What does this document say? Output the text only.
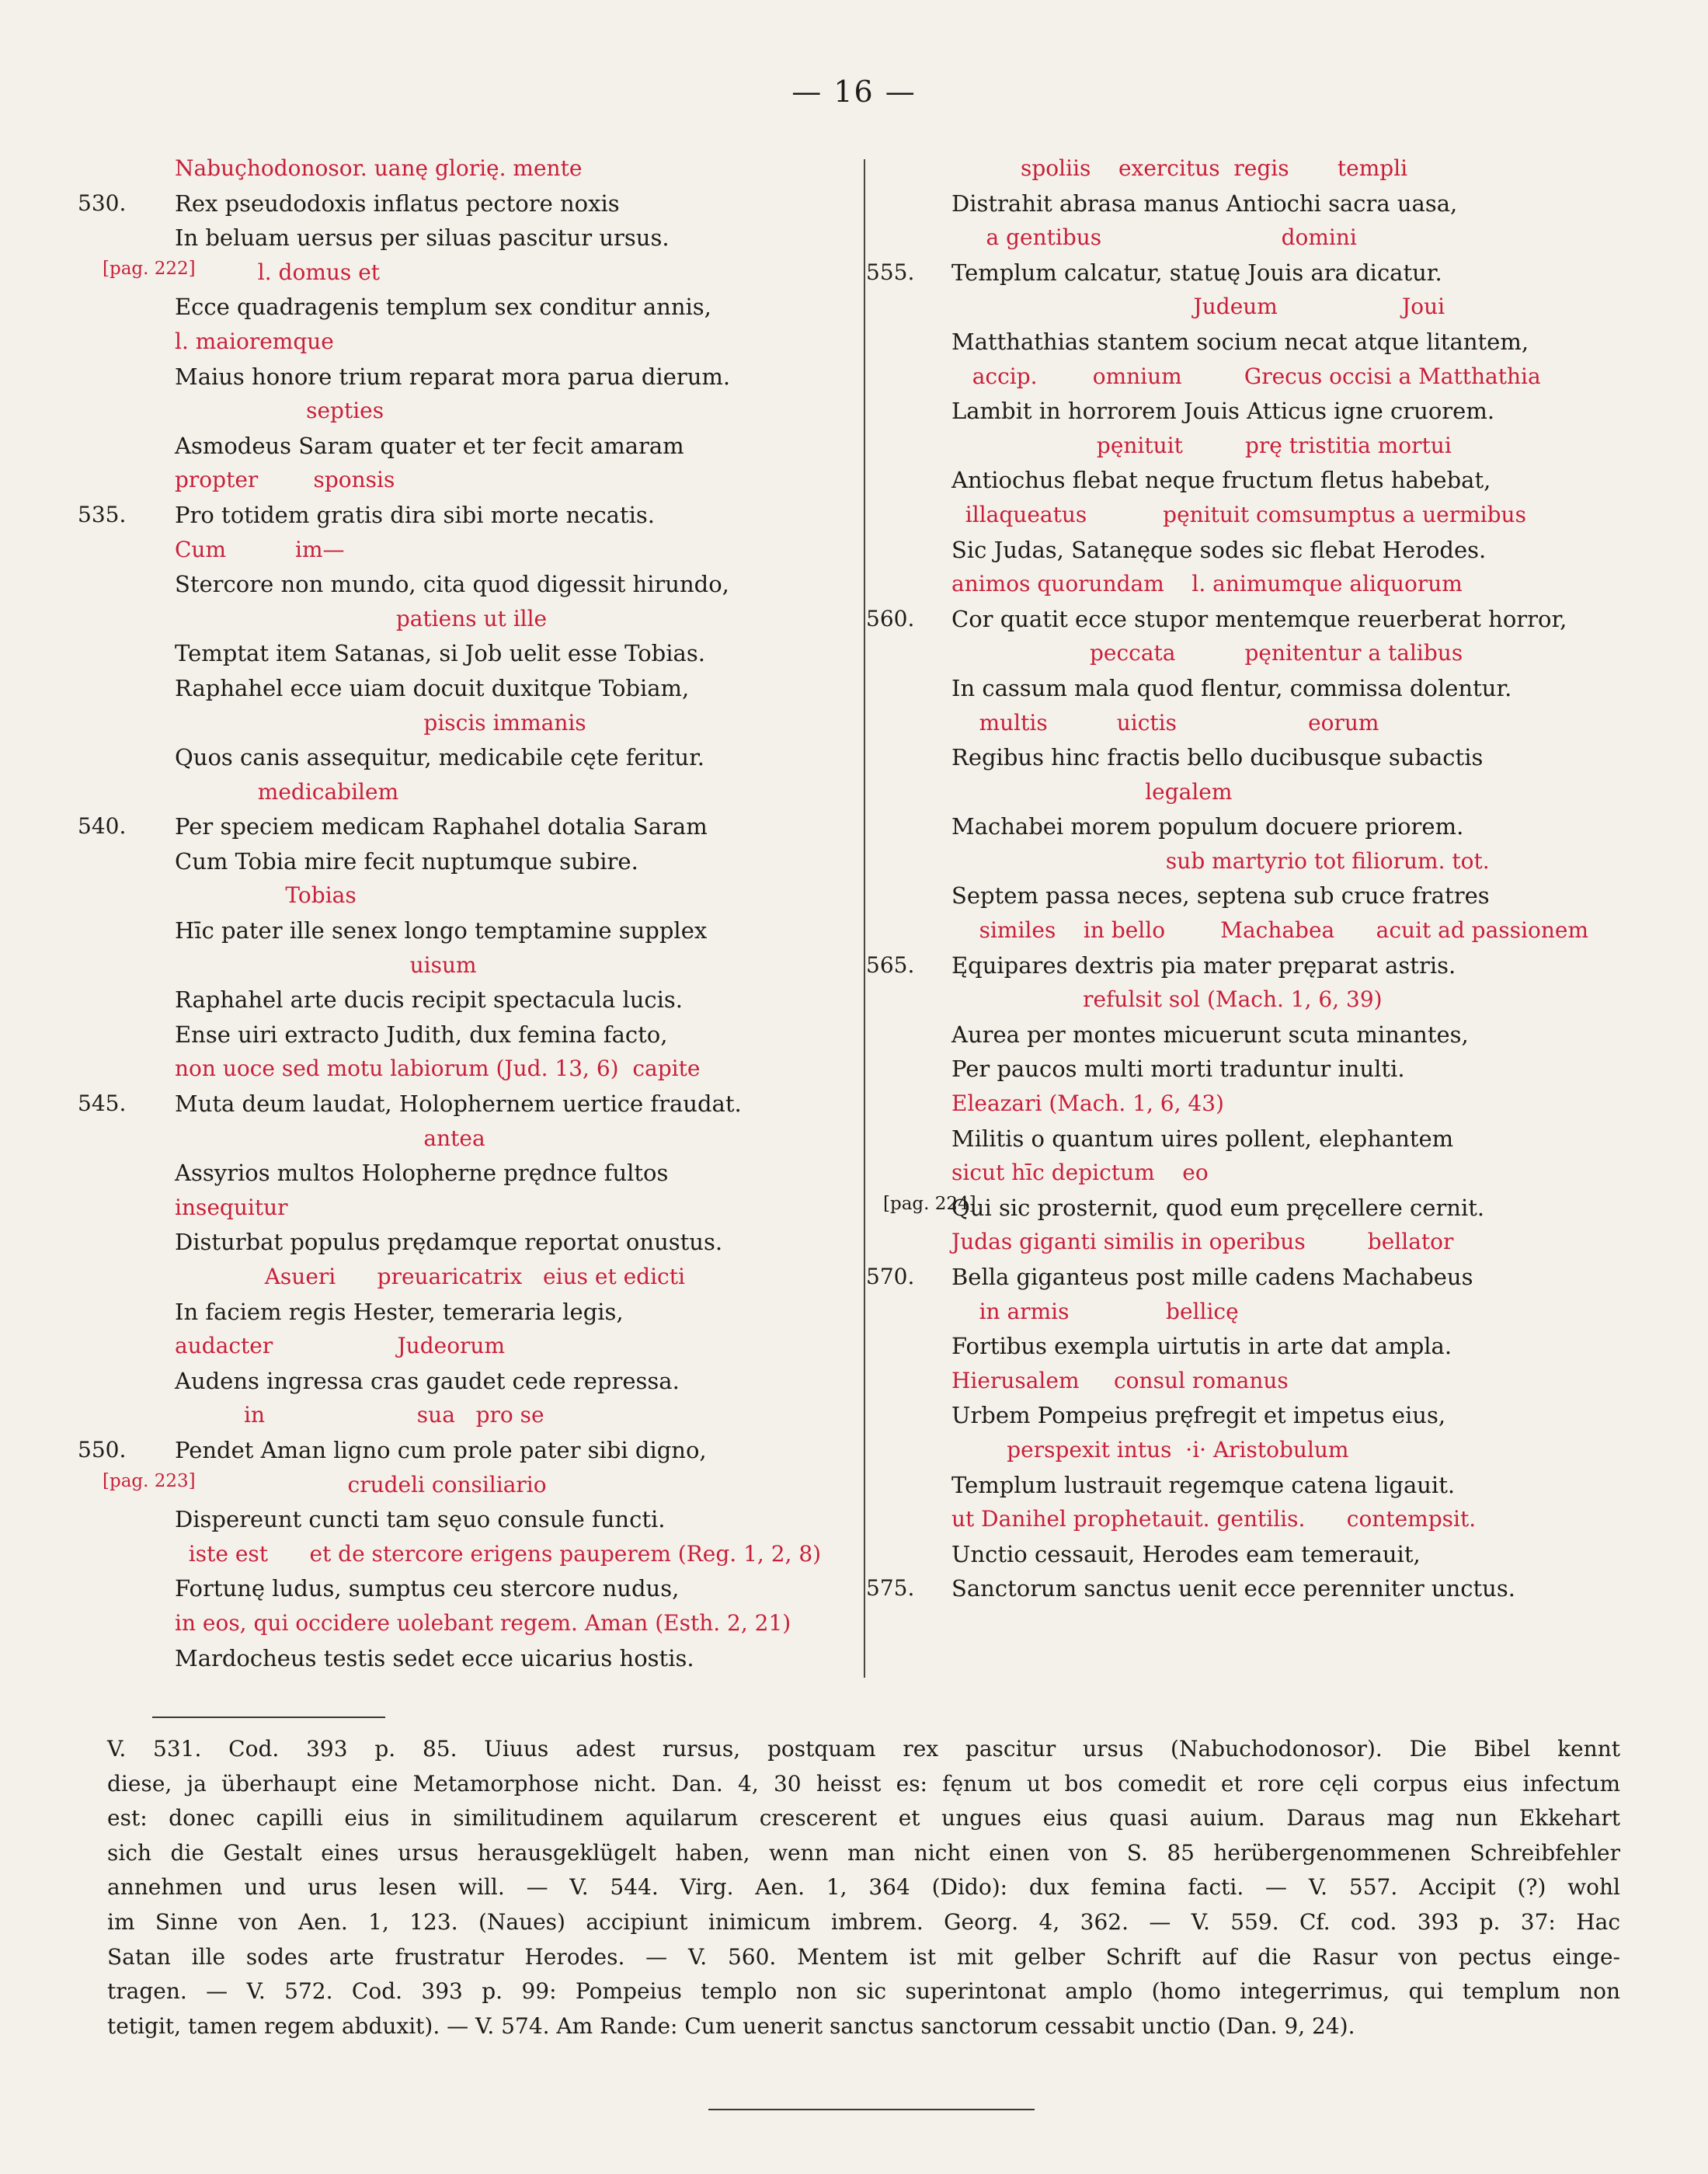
— 16 —
Nabuçhodonosor. uanę glorię. mente
530. Rex pseudodoxis inflatus pectore noxis
In beluam uersus per siluas pascitur ursus.
[pag. 222]
l. domus et
Ecce quadragenis templum sex conditur annis,
l. maioremque
Maius honore trium reparat mora parua dierum.
septies
Asmodeus Saram quater et ter fecit amaram
propter        sponsis
535. Pro totidem gratis dira sibi morte necatis.
Cum          im—
Stercore non mundo, cita quod digessit hirundo,
patiens ut ille
Temptat item Satanas, si Job uelit esse Tobias.
Raphahel ecce uiam docuit duxitque Tobiam,
piscis immanis
Quos canis assequitur, medicabile cęte feritur.
medicabilem
540. Per speciem medicam Raphahel dotalia Saram
Cum Tobia mire fecit nuptumque subire.
Tobias
Hīc pater ille senex longo temptamine supplex
uisum
Raphahel arte ducis recipit spectacula lucis.
Ense uiri extracto Judith, dux femina facto,
non uoce sed motu labiorum (Jud. 13, 6)  capite
545. Muta deum laudat, Holophernem uertice fraudat.
antea
Assyrios multos Holopherne prędnce fultos
insequitur
Disturbat populus prędamque reportat onustus.
Asueri      preuaricatrix   eius et edicti
In faciem regis Hester, temeraria legis,
audacter                  Judeorum
Audens ingressa cras gaudet cede repressa.
in                      sua   pro se
550. Pendet Aman ligno cum prole pater sibi digno,
[pag. 223]
crudeli consiliario
Dispereunt cuncti tam sęuo consule functi.
iste est      et de stercore erigens pauperem (Reg. 1, 2, 8)
Fortunę ludus, sumptus ceu stercore nudus,
in eos, qui occidere uolebant regem. Aman (Esth. 2, 21)
Mardocheus testis sedet ecce uicarius hostis.
spoliis    exercitus  regis       templi
Distrahit abrasa manus Antiochi sacra uasa,
a gentibus                          domini
555. Templum calcatur, statuę Jouis ara dicatur.
Judeum                  Joui
Matthathias stantem socium necat atque litantem,
accip.        omnium         Grecus occisi a Matthathia
Lambit in horrorem Jouis Atticus igne cruorem.
pęnituit         prę tristitia mortui
Antiochus flebat neque fructum fletus habebat,
illaqueatus           pęnituit comsumptus a uermibus
Sic Judas, Satanęque sodes sic flebat Herodes.
animos quorundam    l. animumque aliquorum
560. Cor quatit ecce stupor mentemque reuerberat horror,
peccata          pęnitentur a talibus
In cassum mala quod flentur, commissa dolentur.
multis          uictis                   eorum
Regibus hinc fractis bello ducibusque subactis
legalem
Machabei morem populum docuere priorem.
sub martyrio tot filiorum. tot.
Septem passa neces, septena sub cruce fratres
similes    in bello        Machabea      acuit ad passionem
565. Ęquipares dextris pia mater pręparat astris.
refulsit sol (Mach. 1, 6, 39)
Aurea per montes micuerunt scuta minantes,
Per paucos multi morti traduntur inulti.
Eleazari (Mach. 1, 6, 43)
Militis o quantum uires pollent, elephantem
sicut hīc depictum    eo
[pag. 224]
Qui sic prosternit, quod eum pręcellere cernit.
Judas giganti similis in operibus         bellator
570. Bella giganteus post mille cadens Machabeus
in armis              bellicę
Fortibus exempla uirtutis in arte dat ampla.
Hierusalem     consul romanus
Urbem Pompeius pręfregit et impetus eius,
perspexit intus  ·i· Aristobulum
Templum lustrauit regemque catena ligauit.
ut Danihel prophetauit. gentilis.      contempsit.
Unctio cessauit, Herodes eam temerauit,
575. Sanctorum sanctus uenit ecce perenniter unctus.
V. 531. Cod. 393 p. 85. Uiuus adest rursus, postquam rex pascitur ursus (Nabuchodonosor). Die Bibel kennt
diese, ja überhaupt eine Metamorphose nicht. Dan. 4, 30 heisst es: fęnum ut bos comedit et rore cęli corpus eius infectum
est: donec capilli eius in similitudinem aquilarum crescerent et ungues eius quasi auium. Daraus mag nun Ekkehart
sich die Gestalt eines ursus herausgeklügelt haben, wenn man nicht einen von S. 85 herübergenommenen Schreibfehler
annehmen und urus lesen will. — V. 544. Virg. Aen. 1, 364 (Dido): dux femina facti. — V. 557. Accipit (?) wohl
im Sinne von Aen. 1, 123. (Naues) accipiunt inimicum imbrem. Georg. 4, 362. — V. 559. Cf. cod. 393 p. 37: Hac
Satan ille sodes arte frustratur Herodes. — V. 560. Mentem ist mit gelber Schrift auf die Rasur von pectus einge-
tragen. — V. 572. Cod. 393 p. 99: Pompeius templo non sic superintonat amplo (homo integerrimus, qui templum non
tetigit, tamen regem abduxit). — V. 574. Am Rande: Cum uenerit sanctus sanctorum cessabit unctio (Dan. 9, 24).
